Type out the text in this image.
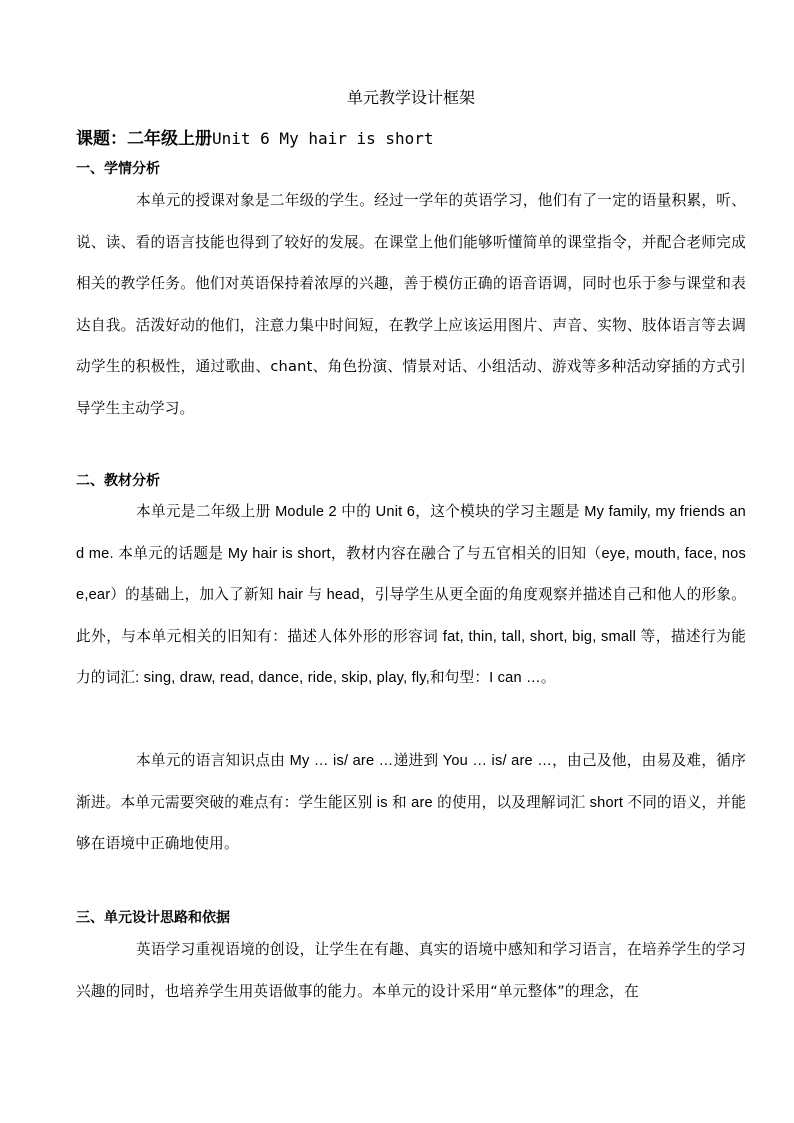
单元教学设计框架
课题：二年级上册Unit 6 My hair is short
一、学情分析
本单元的授课对象是二年级的学生。经过一学年的英语学习，他们有了一定的语量积累，听、说、读、看的语言技能也得到了较好的发展。在课堂上他们能够听懂简单的课堂指令，并配合老师完成相关的教学任务。他们对英语保持着浓厚的兴趣，善于模仿正确的语音语调，同时也乐于参与课堂和表达自我。活泼好动的他们，注意力集中时间短，在教学上应该运用图片、声音、实物、肢体语言等去调动学生的积极性，通过歌曲、chant、角色扮演、情景对话、小组活动、游戏等多种活动穿插的方式引导学生主动学习。
二、教材分析
本单元是二年级上册 Module 2 中的 Unit 6，这个模块的学习主题是 My family, my friends and me. 本单元的话题是 My hair is short，教材内容在融合了与五官相关的旧知（eye, mouth, face, nose,ear）的基础上，加入了新知 hair 与 head，引导学生从更全面的角度观察并描述自己和他人的形象。此外，与本单元相关的旧知有：描述人体外形的形容词 fat, thin, tall, short, big, small 等，描述行为能力的词汇: sing, draw, read, dance, ride, skip, play, fly,和句型：I can …。
本单元的语言知识点由 My … is/ are …递进到 You … is/ are …，由己及他，由易及难，循序渐进。本单元需要突破的难点有：学生能区别 is 和 are 的使用，以及理解词汇 short 不同的语义，并能够在语境中正确地使用。
三、单元设计思路和依据
英语学习重视语境的创设，让学生在有趣、真实的语境中感知和学习语言，在培养学生的学习兴趣的同时，也培养学生用英语做事的能力。本单元的设计采用“单元整体”的理念，在
